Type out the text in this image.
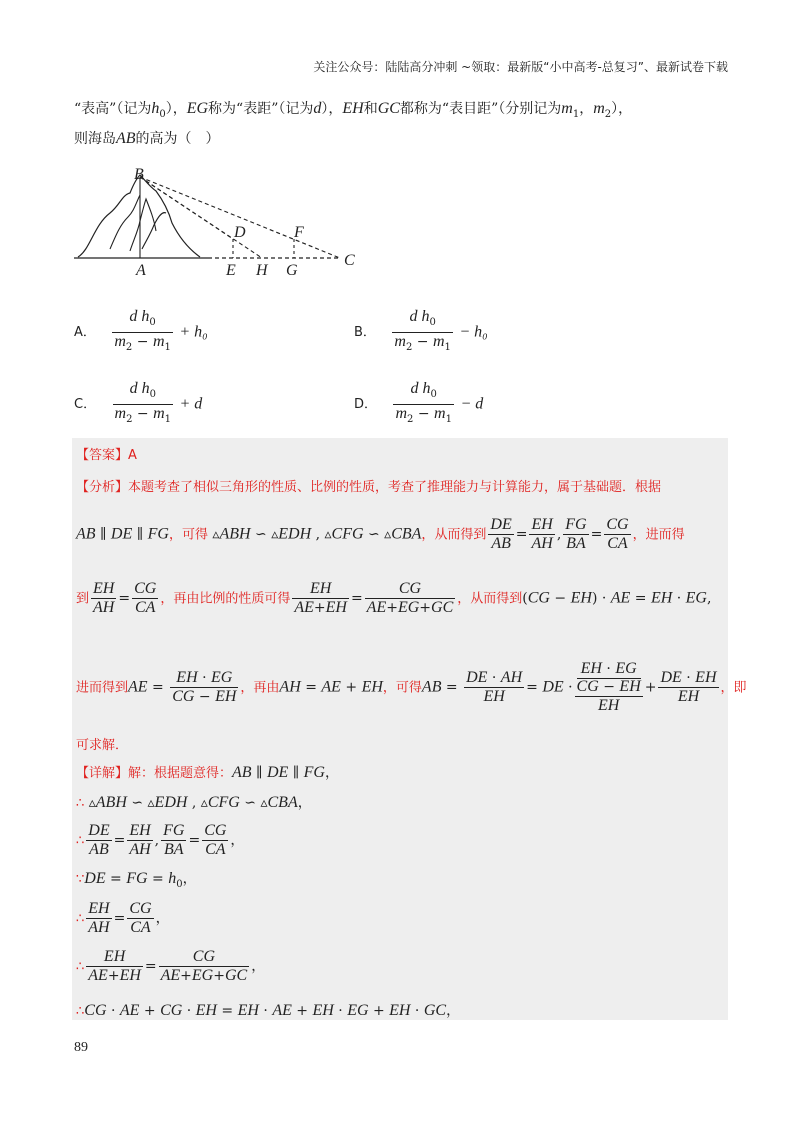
关注公众号：陆陆高分冲刺 ~领取：最新版“小中高考-总复习”、最新试卷下载
“表高”（记为$h_0$），EG称为“表距”（记为d），EH和GC都称为“表目距”（分别记为$m_1$，$m_2$），
则海岛AB的高为（　）
B
D	F
A	E H G
C
A． $\frac{d h_0}{m_2 - m_1} + h_0$	B． $\frac{d h_0}{m_2 - m_1} - h_0$
C． $\frac{d h_0}{m_2 - m_1} + d$	D． $\frac{d h_0}{m_2 - m_1} - d$
【答案】A
【分析】本题考查了相似三角形的性质、比例的性质，考查了推理能力与计算能力，属于基础题．根据
AB ∥ DE ∥ FG，可得 ▵ABH ∽ ▵EDH , ▵CFG ∽ ▵CBA，从而得到 $\frac{DE}{AB} = \frac{EH}{AH}$ , $\frac{FG}{BA} = \frac{CG}{CA}$ ，进而得
到 $\frac{EH}{AH} = \frac{CG}{CA}$ ，再由比例的性质可得 $\frac{EH}{AE+EH} = \frac{CG}{AE+EG+GC}$ ，从而得到(CG − EH) · AE = EH · EG,
进而得到AE = $\frac{EH \cdot EG}{CG - EH}$ ，再由AH = AE + EH，可得AB = $\frac{DE \cdot AH}{EH}$ = DE ·
EH · EG
CG − EH
EH
+ $\frac{DE \cdot EH}{EH}$ ，即
可求解．
【详解】解：根据题意得：AB ∥ DE ∥ FG，
∴ ▵ABH ∽ ▵EDH , ▵CFG ∽ ▵CBA，
∴ $\frac{DE}{AB} = \frac{EH}{AH}$ , $\frac{FG}{BA} = \frac{CG}{CA}$ ，
∵DE = FG = $h_0$，
∴ $\frac{EH}{AH} = \frac{CG}{CA}$ ，
∴ $\frac{EH}{AE+EH} = \frac{CG}{AE+EG+GC}$ ，
∴CG · AE + CG · EH = EH · AE + EH · EG + EH · GC，
89
